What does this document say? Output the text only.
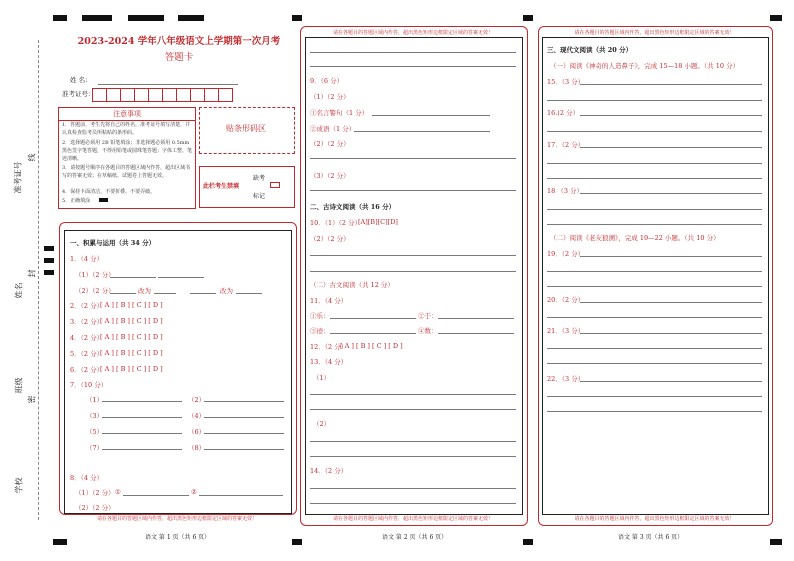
准考证号
线
姓名
封
班级
密
学校
2023-2024 学年八年级语文上学期第一次月考
答题卡
姓 名：
准考证号：
注意事项
1．答题前，考生先将自己的姓名，准考证号填写清楚，并认真检查监考员所粘贴的条形码。
2．选择题必须用 2B 铅笔填涂；非选择题必须用 0.5mm 黑色签字笔答题，不得用铅笔或圆珠笔答题；字体工整、笔迹清晰。
3．请按题号顺序在各题目的答题区域内作答，超出区域书写的答案无效；在草稿纸、试题卷上答题无效。
4．保持卡面清洁，不要折叠、不要弄破。
5．正确填涂
贴条形码区
此栏考生禁填
缺考
标记
一、积累与运用（共 34 分）
1．（4 分）
（1）（2 分）
（2）（2 分）	改为	改为
2．（2 分）
[ A ] [ B ] [ C ] [ D ]
3．（2 分）
[ A ] [ B ] [ C ] [ D ]
4．（2 分）
[ A ] [ B ] [ C ] [ D ]
5．（2 分）
[ A ] [ B ] [ C ] [ D ]
6．（2 分）
[ A ] [ B ] [ C ] [ D ]
7．（10 分）
（1）	（2）
（3）	（4）
（5）	（6）
（7）	（8）
8．（4 分）
（1）（2 分） ①	②
（2）（2 分）
请在各题目的答题区域内作答，超出黑色矩形边框限定区域的答案无效！
语文 第 1 页（共 6 页）
请在各题目的答题区域内作答，超出黑色矩形边框限定区域的答案无效！
9．（6 分）
（1）（2 分）
①名言警句（1 分）
②成语（1 分）
（2）（2 分）
（3）（2 分）
二、古诗文阅读（共 16 分）
10．（1）（2 分）
[A][B][C][D]
（2）（2 分）
（二）古文阅读（共 12 分）
11．（4 分）
①乐：	②于：
③迹：	④数：
12．（2 分）
[ A ] [ B ] [ C ] [ D ]
13．（4 分）
（1）
（2）
14．（2 分）
请在各题目的答题区域内作答，超出黑色矩形边框限定区域的答案无效！
语文 第 2 页（共 6 页）
请在各题目的答题区域内作答，超出黑色矩形边框限定区域的答案无效！
三、现代文阅读（共 20 分）
（一）阅读《神奇的人造鼻子》，完成 15—18 小题。（共 10 分）
15．（3 分）
16.(2 分）
17．（2 分）
18 （3 分）
（二）阅读《老友狼溯》，完成 19—22 小题。（共 10 分）
19．（2 分）
20．（2 分）
21．（3 分）
22．（3 分）
请在各题目的答题区域内作答，超出黑色矩形边框限定区域的答案无效！
语文 第 3 页（共 6 页）
